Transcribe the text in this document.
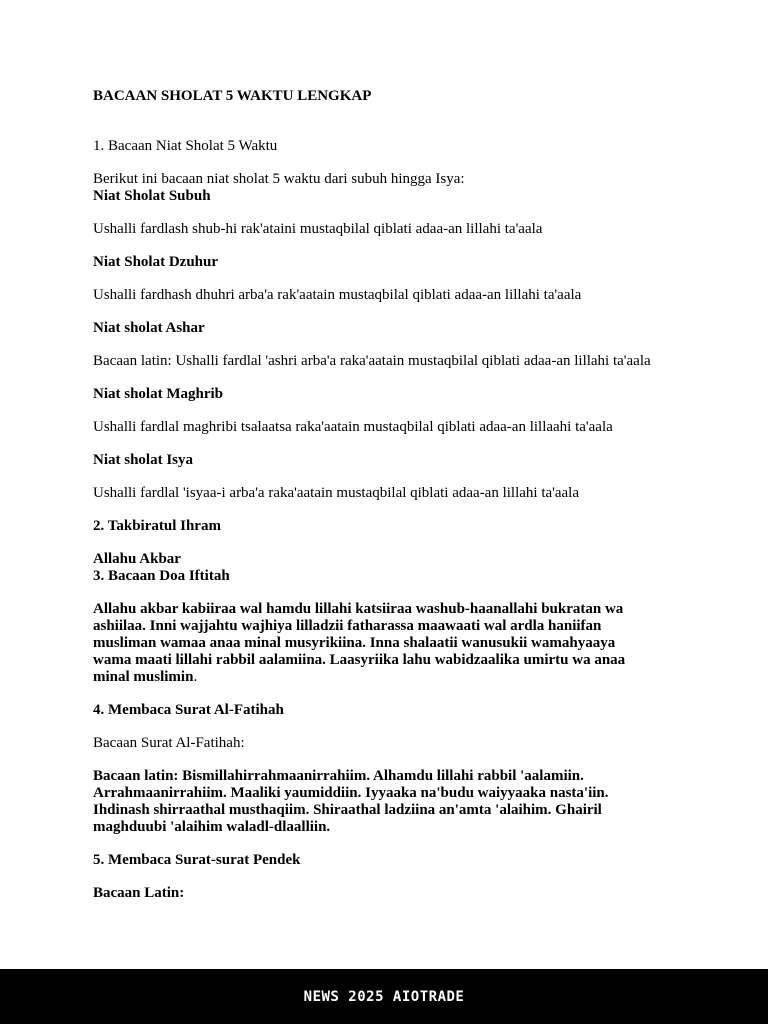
BACAAN SHOLAT 5 WAKTU LENGKAP

1. Bacaan Niat Sholat 5 Waktu

Berikut ini bacaan niat sholat 5 waktu dari subuh hingga Isya:

Niat Sholat Subuh

Ushalli fardlash shub-hi rak'ataini mustaqbilal qiblati adaa-an lillahi ta'aala

Niat Sholat Dzuhur

Ushalli fardhash dhuhri arba'a rak'aatain mustaqbilal qiblati adaa-an lillahi ta'aala

Niat sholat Ashar

Bacaan latin: Ushalli fardlal 'ashri arba'a raka'aatain mustaqbilal qiblati adaa-an lillahi ta'aala

Niat sholat Maghrib

Ushalli fardlal maghribi tsalaatsa raka'aatain mustaqbilal qiblati adaa-an lillaahi ta'aala

Niat sholat Isya

Ushalli fardlal 'isyaa-i arba'a raka'aatain mustaqbilal qiblati adaa-an lillahi ta'aala

2. Takbiratul Ihram

Allahu Akbar

3. Bacaan Doa Iftitah

Allahu akbar kabiiraa wal hamdu lillahi katsiiraa washub-haanallahi bukratan wa ashiilaa. Inni wajjahtu wajhiya lilladzii fatharassa maawaati wal ardla haniifan musliman wamaa anaa minal musyrikiina. Inna shalaatii wanusukii wamahyaaya wama maati lillahi rabbil aalamiina. Laasyriika lahu wabidzaalika umirtu wa anaa minal muslimin.

4. Membaca Surat Al-Fatihah

Bacaan Surat Al-Fatihah:

Bacaan latin: Bismillahirrahmaanirrahiim. Alhamdu lillahi rabbil 'aalamiin. Arrahmaanirrahiim. Maaliki yaumiddiin. Iyyaaka na'budu waiyyaaka nasta'iin. Ihdinash shirraathal musthaqiim. Shiraathal ladziina an'amta 'alaihim. Ghairil maghduubi 'alaihim waladl-dlaalliin.

5. Membaca Surat-surat Pendek

Bacaan Latin:

NEWS 2025 AIOTRADE
